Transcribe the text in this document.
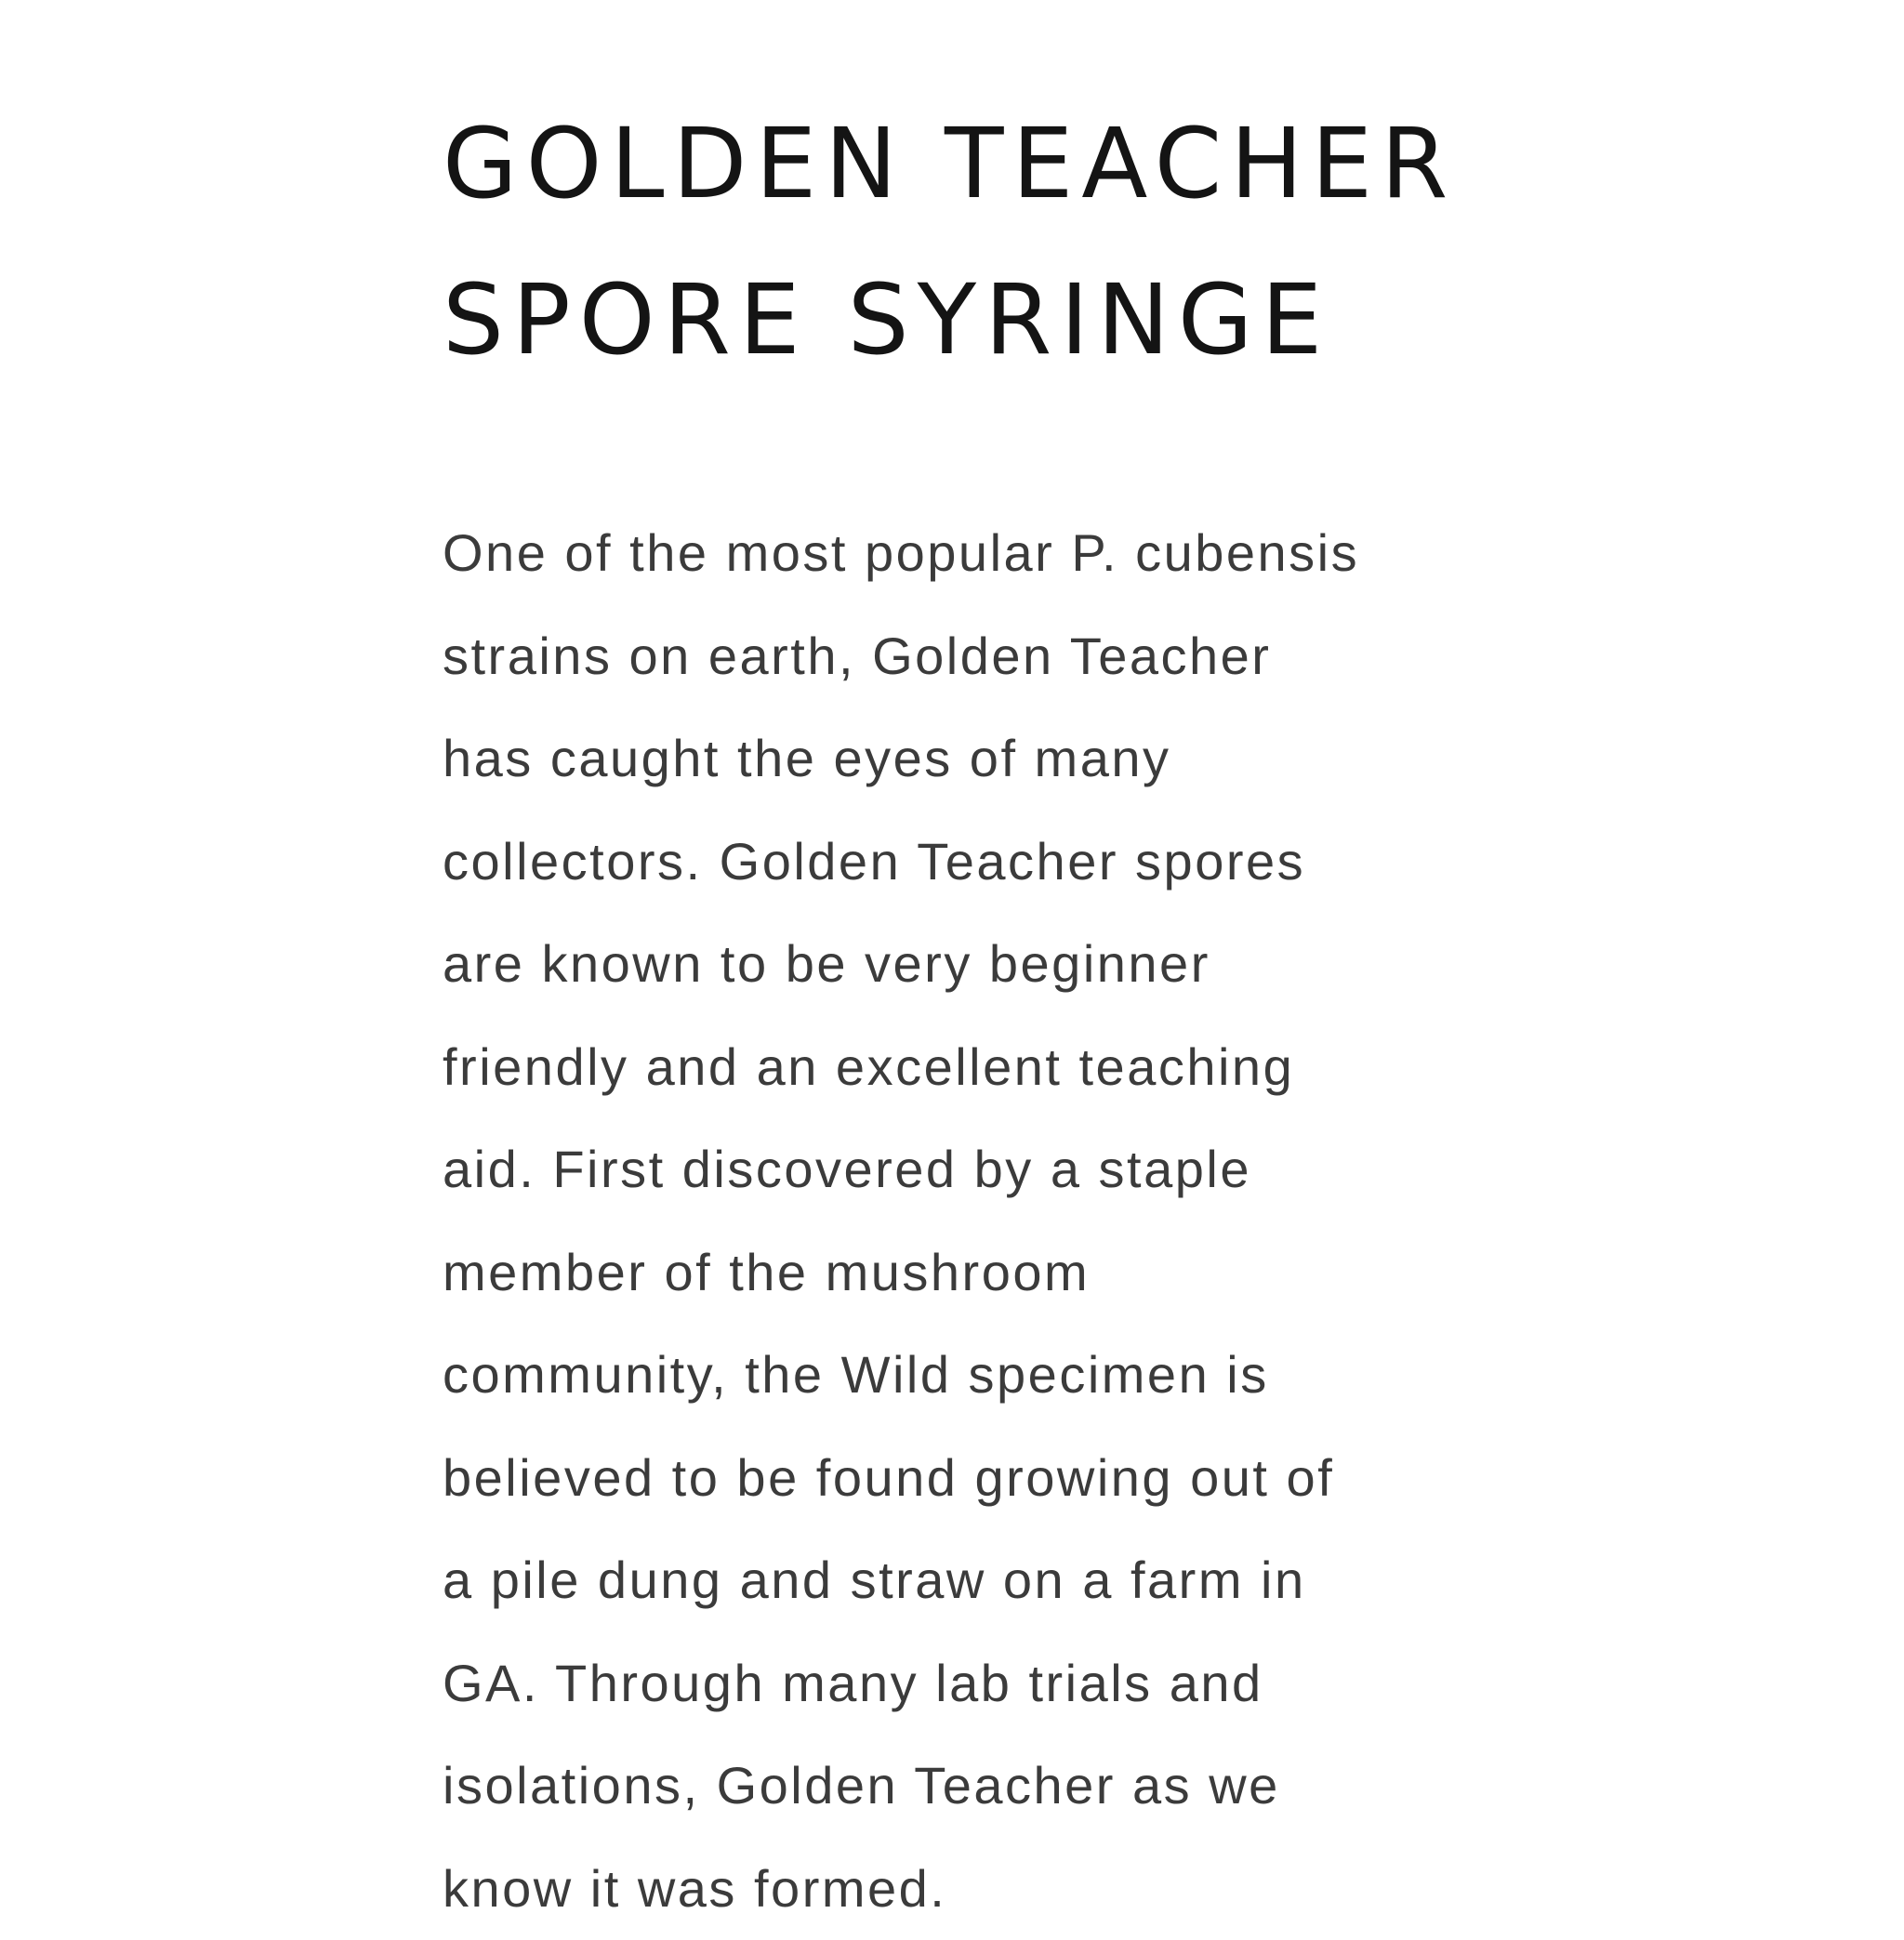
GOLDEN TEACHER
SPORE SYRINGE

One of the most popular P. cubensis
strains on earth, Golden Teacher
has caught the eyes of many
collectors. Golden Teacher spores
are known to be very beginner
friendly and an excellent teaching
aid. First discovered by a staple
member of the mushroom
community, the Wild specimen is
believed to be found growing out of
a pile dung and straw on a farm in
GA. Through many lab trials and
isolations, Golden Teacher as we
know it was formed.
